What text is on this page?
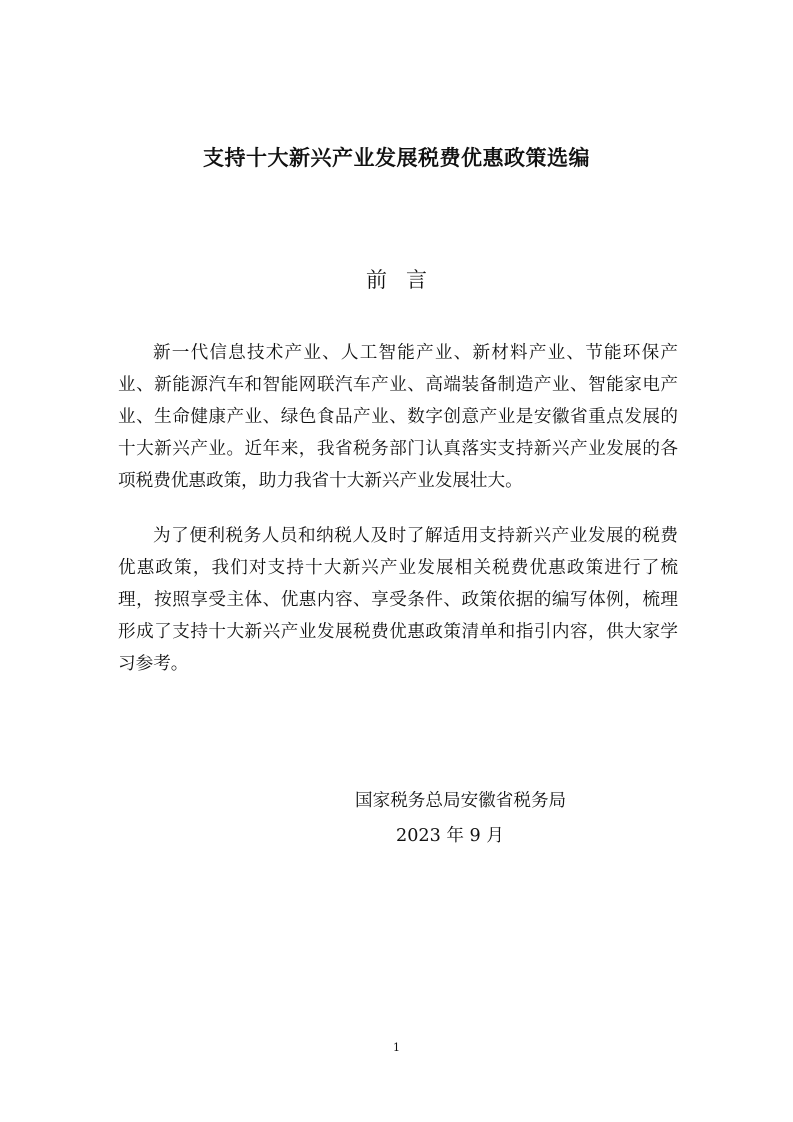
支持十大新兴产业发展税费优惠政策选编
前言

新一代信息技术产业、人工智能产业、新材料产业、节能环保产业、新能源汽车和智能网联汽车产业、高端装备制造产业、智能家电产业、生命健康产业、绿色食品产业、数字创意产业是安徽省重点发展的十大新兴产业。近年来，我省税务部门认真落实支持新兴产业发展的各项税费优惠政策，助力我省十大新兴产业发展壮大。

为了便利税务人员和纳税人及时了解适用支持新兴产业发展的税费优惠政策，我们对支持十大新兴产业发展相关税费优惠政策进行了梳理，按照享受主体、优惠内容、享受条件、政策依据的编写体例，梳理形成了支持十大新兴产业发展税费优惠政策清单和指引内容，供大家学习参考。

国家税务总局安徽省税务局
2023 年 9 月
1
